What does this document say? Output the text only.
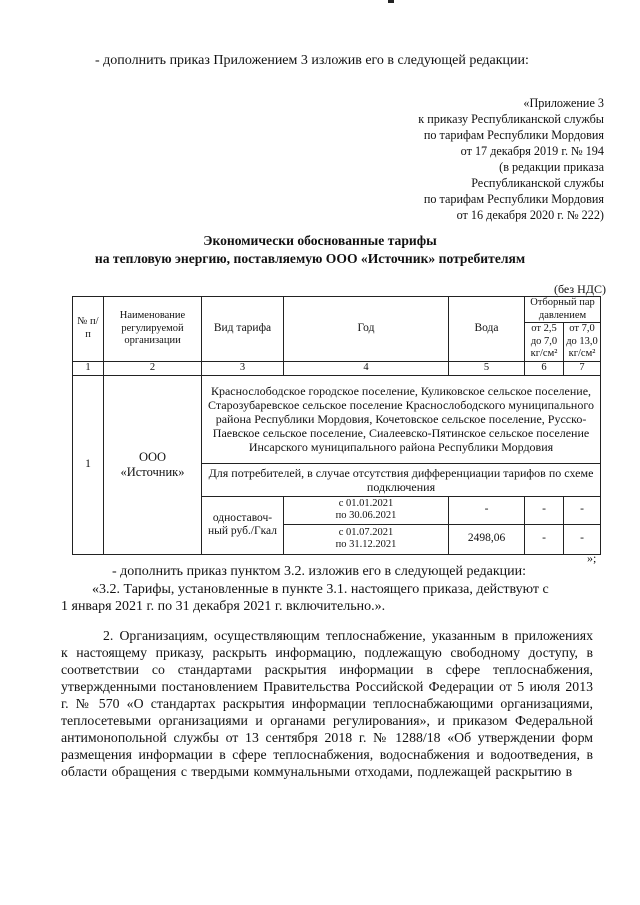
- дополнить приказ Приложением 3 изложив его в следующей редакции:
«Приложение 3
к приказу Республиканской службы
по тарифам Республики Мордовия
от 17 декабря 2019 г. № 194
(в редакции приказа
Республиканской службы
по тарифам Республики Мордовия
от 16 декабря 2020 г. № 222)
Экономически обоснованные тарифы
на тепловую энергию, поставляемую ООО «Источник» потребителям
(без НДС)
№ п/п	Наименование регулируемой организации	Вид тарифа	Год	Вода	Отборный пар давлением	
					от 2,5 до 7,0 кг/см²	от 7,0 до 13,0 кг/см²
1	2	3	4	5	6	7
1	ООО
«Источник»	Краснослободское городское поселение, Куликовское сельское поселение, Старозубаревское сельское поселение Краснослободского муниципального района Республики Мордовия, Кочетовское сельское поселение, Русско-Паевское сельское поселение, Сиалеевско-Пятинское сельское поселение Инсарского муниципального района Республики Мордовия				
		Для потребителей, в случае отсутствия дифференциации тарифов по схеме подключения				
		одноставоч-ный руб./Гкал	с 01.01.2021
по 30.06.2021	-	-	-
			с 01.07.2021
по 31.12.2021	2498,06	-	-

»;
- дополнить приказ пунктом 3.2. изложив его в следующей редакции:
«3.2. Тарифы, установленные в пункте 3.1. настоящего приказа, действуют с
1 января 2021 г. по 31 декабря 2021 г. включительно.».
2. Организациям, осуществляющим теплоснабжение, указанным в приложениях к настоящему приказу, раскрыть информацию, подлежащую свободному доступу, в соответствии со стандартами раскрытия информации в сфере теплоснабжения, утвержденными постановлением Правительства Российской Федерации от 5 июля 2013 г. № 570 «О стандартах раскрытия информации теплоснабжающими организациями, теплосетевыми организациями и органами регулирования», и приказом Федеральной антимонопольной службы от 13 сентября 2018 г. № 1288/18 «Об утверждении форм размещения информации в сфере теплоснабжения, водоснабжения и водоотведения, в области обращения с твердыми коммунальными отходами, подлежащей раскрытию в
